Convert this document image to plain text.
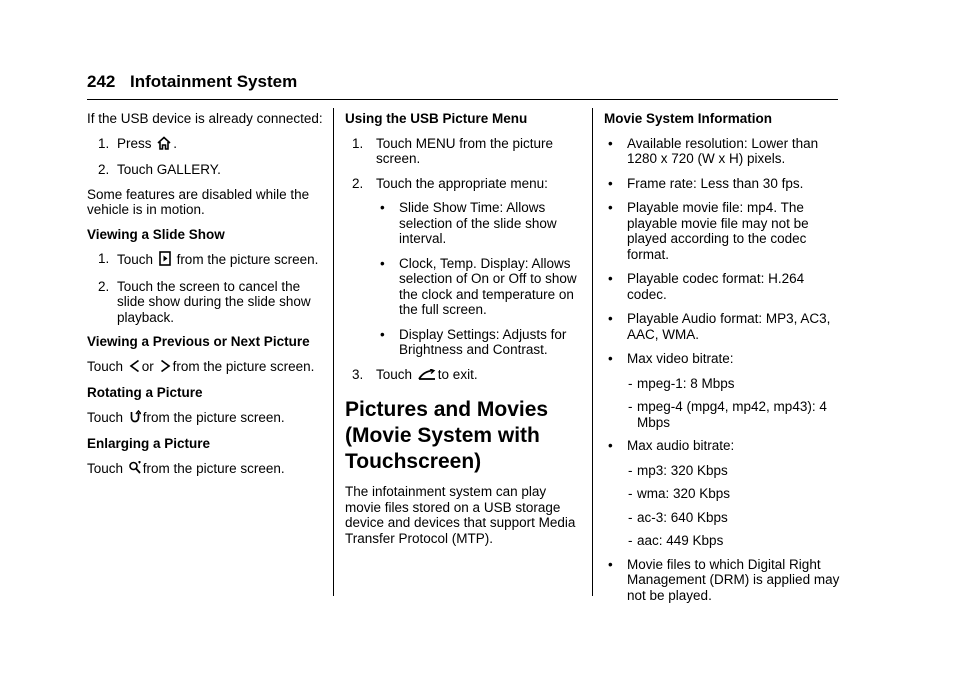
242 Infotainment System

If the USB device is already connected:

1. Press .
2. Touch GALLERY.

Some features are disabled while the vehicle is in motion.

Viewing a Slide Show

1. Touch from the picture screen.
2. Touch the screen to cancel the slide show during the slide show playback.

Viewing a Previous or Next Picture

Touch or from the picture screen.

Rotating a Picture

Touch from the picture screen.

Enlarging a Picture

Touch from the picture screen.

Using the USB Picture Menu

1. Touch MENU from the picture screen.
2. Touch the appropriate menu:
• Slide Show Time: Allows selection of the slide show interval.
• Clock, Temp. Display: Allows selection of On or Off to show the clock and temperature on the full screen.
• Display Settings: Adjusts for Brightness and Contrast.
3. Touch to exit.

Pictures and Movies (Movie System with Touchscreen)

The infotainment system can play movie files stored on a USB storage device and devices that support Media Transfer Protocol (MTP).

Movie System Information

• Available resolution: Lower than 1280 x 720 (W x H) pixels.
• Frame rate: Less than 30 fps.
• Playable movie file: mp4. The playable movie file may not be played according to the codec format.
• Playable codec format: H.264 codec.
• Playable Audio format: MP3, AC3, AAC, WMA.
• Max video bitrate:
- mpeg-1: 8 Mbps
- mpeg-4 (mpg4, mp42, mp43): 4 Mbps
• Max audio bitrate:
- mp3: 320 Kbps
- wma: 320 Kbps
- ac-3: 640 Kbps
- aac: 449 Kbps
• Movie files to which Digital Right Management (DRM) is applied may not be played.
